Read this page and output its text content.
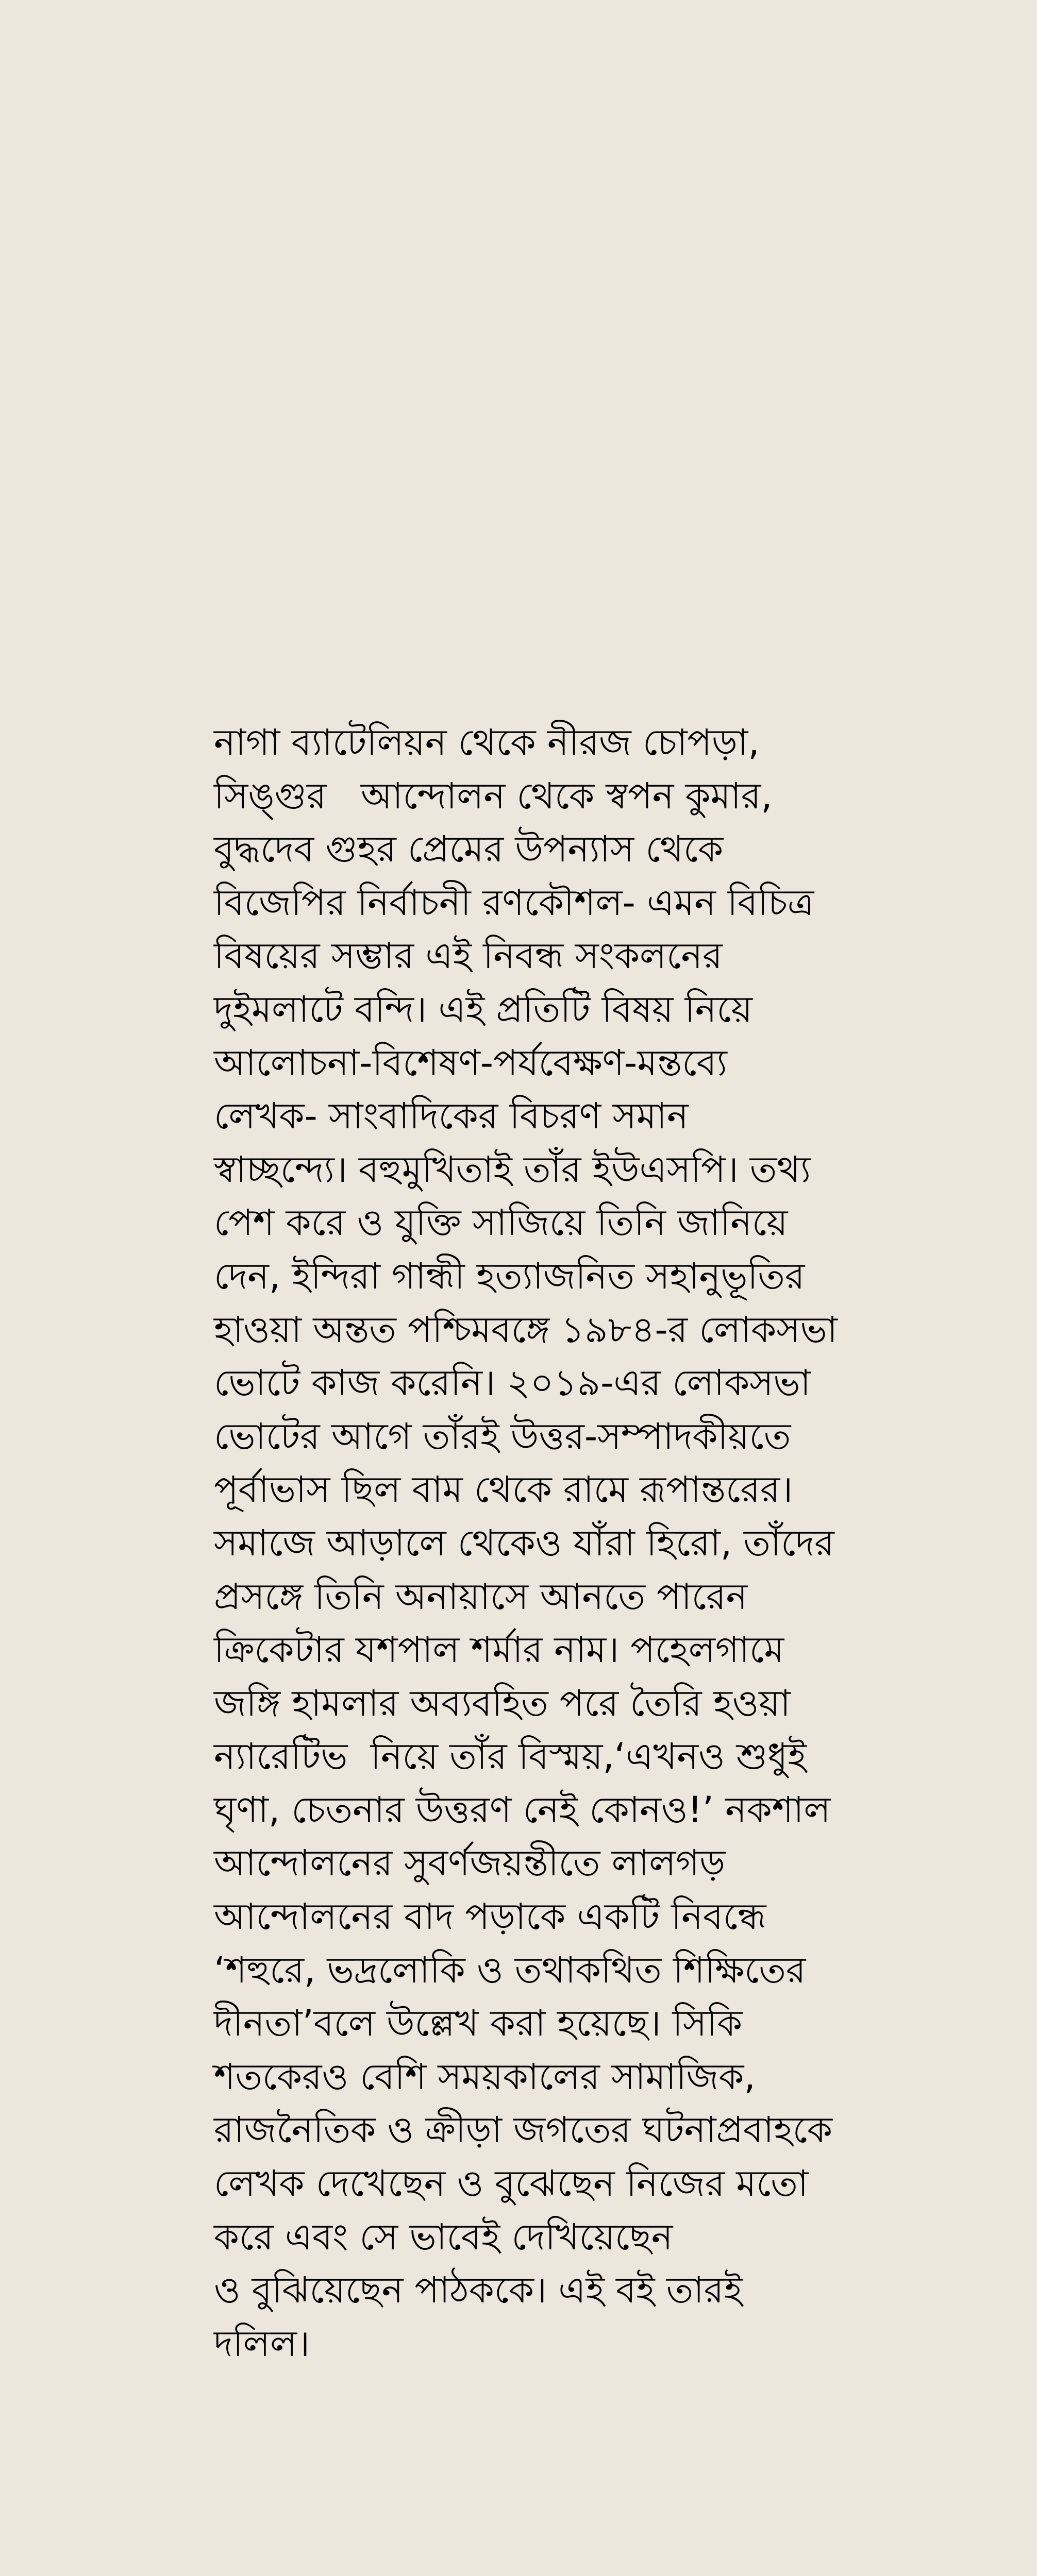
নাগা ব্যাটেলিয়ন থেকে নীরজ চোপড়া,
সিঙ্গুর   আন্দোলন থেকে স্বপন কুমার,
বুদ্ধদেব গুহর প্রেমের উপন্যাস থেকে
বিজেপির নির্বাচনী রণকৌশল- এমন বিচিত্র
বিষয়ের সম্ভার এই নিবন্ধ সংকলনের
দুইমলাটে বন্দি। এই প্রতিটি বিষয় নিয়ে
আলোচনা-বিশেষণ-পর্যবেক্ষণ-মন্তব্যে
লেখক- সাংবাদিকের বিচরণ সমান
স্বাচ্ছন্দ্যে। বহুমুখিতাই তাঁর ইউএসপি। তথ্য
পেশ করে ও যুক্তি সাজিয়ে তিনি জানিয়ে
দেন, ইন্দিরা গান্ধী হত্যাজনিত সহানুভূতির
হাওয়া অন্তত পশ্চিমবঙ্গে ১৯৮৪-র লোকসভা
ভোটে কাজ করেনি। ২০১৯-এর লোকসভা
ভোটের আগে তাঁরই উত্তর-সম্পাদকীয়তে
পূর্বাভাস ছিল বাম থেকে রামে রূপান্তরের।
সমাজে আড়ালে থেকেও যাঁরা হিরো, তাঁদের
প্রসঙ্গে তিনি অনায়াসে আনতে পারেন
ক্রিকেটার যশপাল শর্মার নাম। পহেলগামে
জঙ্গি হামলার অব্যবহিত পরে তৈরি হওয়া
ন্যারেটিভ  নিয়ে তাঁর বিস্ময়,‘এখনও শুধুই
ঘৃণা, চেতনার উত্তরণ নেই কোনও!’ নকশাল
আন্দোলনের সুবর্ণজয়ন্তীতে লালগড়
আন্দোলনের বাদ পড়াকে একটি নিবন্ধে
‘শহুরে, ভদ্রলোকি ও তথাকথিত শিক্ষিতের
দীনতা’বলে উল্লেখ করা হয়েছে। সিকি
শতকেরও বেশি সময়কালের সামাজিক,
রাজনৈতিক ও ক্রীড়া জগতের ঘটনাপ্রবাহকে
লেখক দেখেছেন ও বুঝেছেন নিজের মতো
করে এবং সে ভাবেই দেখিয়েছেন
ও বুঝিয়েছেন পাঠককে। এই বই তারই
দলিল।
